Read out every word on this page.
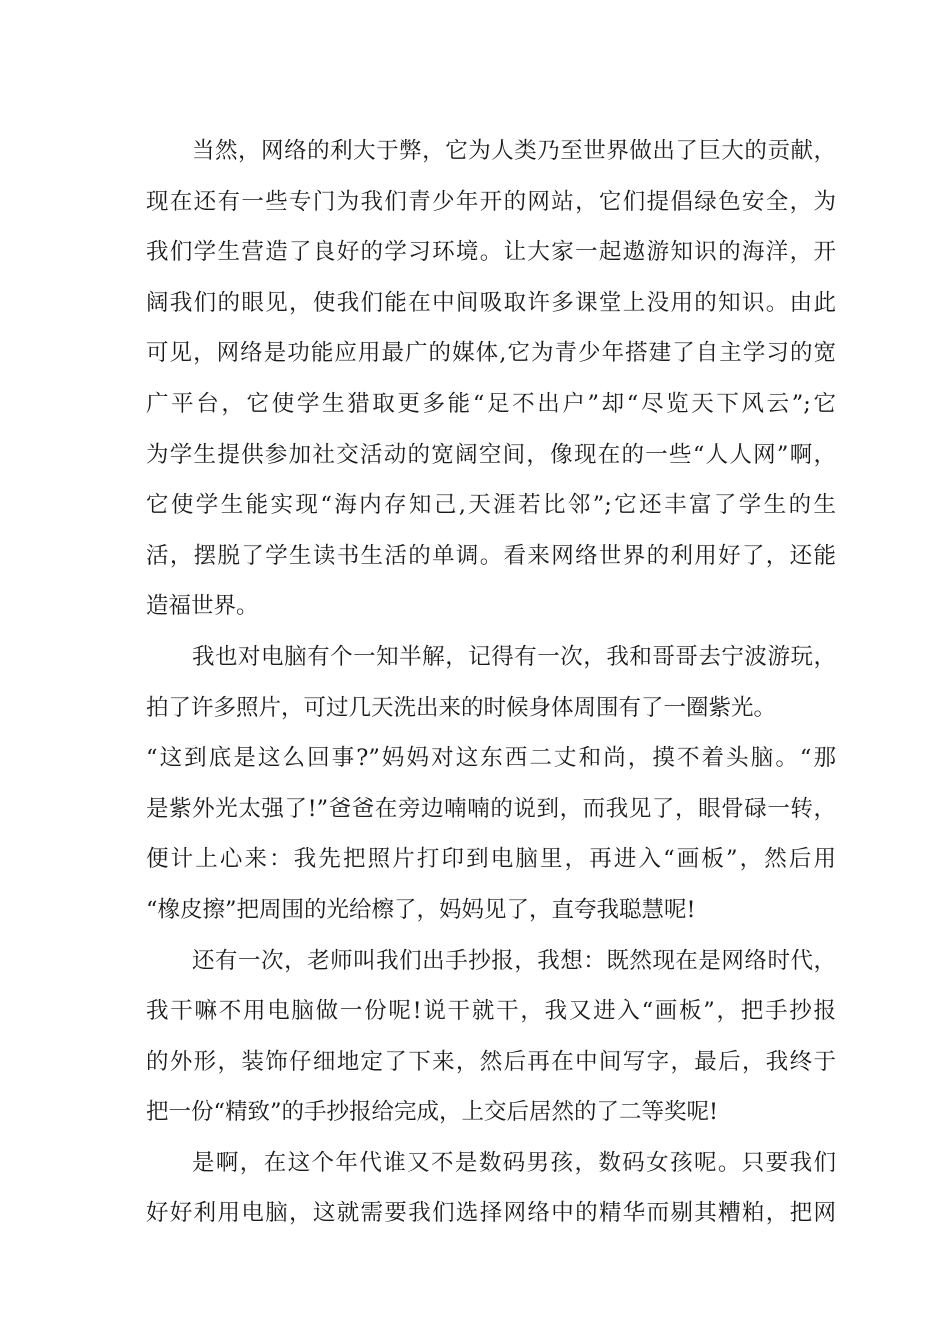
当然，网络的利大于弊，它为人类乃至世界做出了巨大的贡献，
现在还有一些专门为我们青少年开的网站，它们提倡绿色安全，为
我们学生营造了良好的学习环境。让大家一起遨游知识的海洋，开
阔我们的眼见，使我们能在中间吸取许多课堂上没用的知识。由此
可见，网络是功能应用最广的媒体,它为青少年搭建了自主学习的宽
广平台，它使学生猎取更多能“足不出户”却“尽览天下风云”;它
为学生提供参加社交活动的宽阔空间，像现在的一些“人人网”啊，
它使学生能实现“海内存知己,天涯若比邻”;它还丰富了学生的生
活，摆脱了学生读书生活的单调。看来网络世界的利用好了，还能
造福世界。
我也对电脑有个一知半解，记得有一次，我和哥哥去宁波游玩，
拍了许多照片，可过几天洗出来的时候身体周围有了一圈紫光。
“这到底是这么回事?”妈妈对这东西二丈和尚，摸不着头脑。“那
是紫外光太强了!”爸爸在旁边喃喃的说到，而我见了，眼骨碌一转，
便计上心来：我先把照片打印到电脑里，再进入“画板”，然后用
“橡皮擦”把周围的光给檫了，妈妈见了，直夸我聪慧呢!
还有一次，老师叫我们出手抄报，我想：既然现在是网络时代，
我干嘛不用电脑做一份呢!说干就干，我又进入“画板”，把手抄报
的外形，装饰仔细地定了下来，然后再在中间写字，最后，我终于
把一份“精致”的手抄报给完成，上交后居然的了二等奖呢!
是啊，在这个年代谁又不是数码男孩，数码女孩呢。只要我们
好好利用电脑，这就需要我们选择网络中的精华而剔其糟粕，把网
